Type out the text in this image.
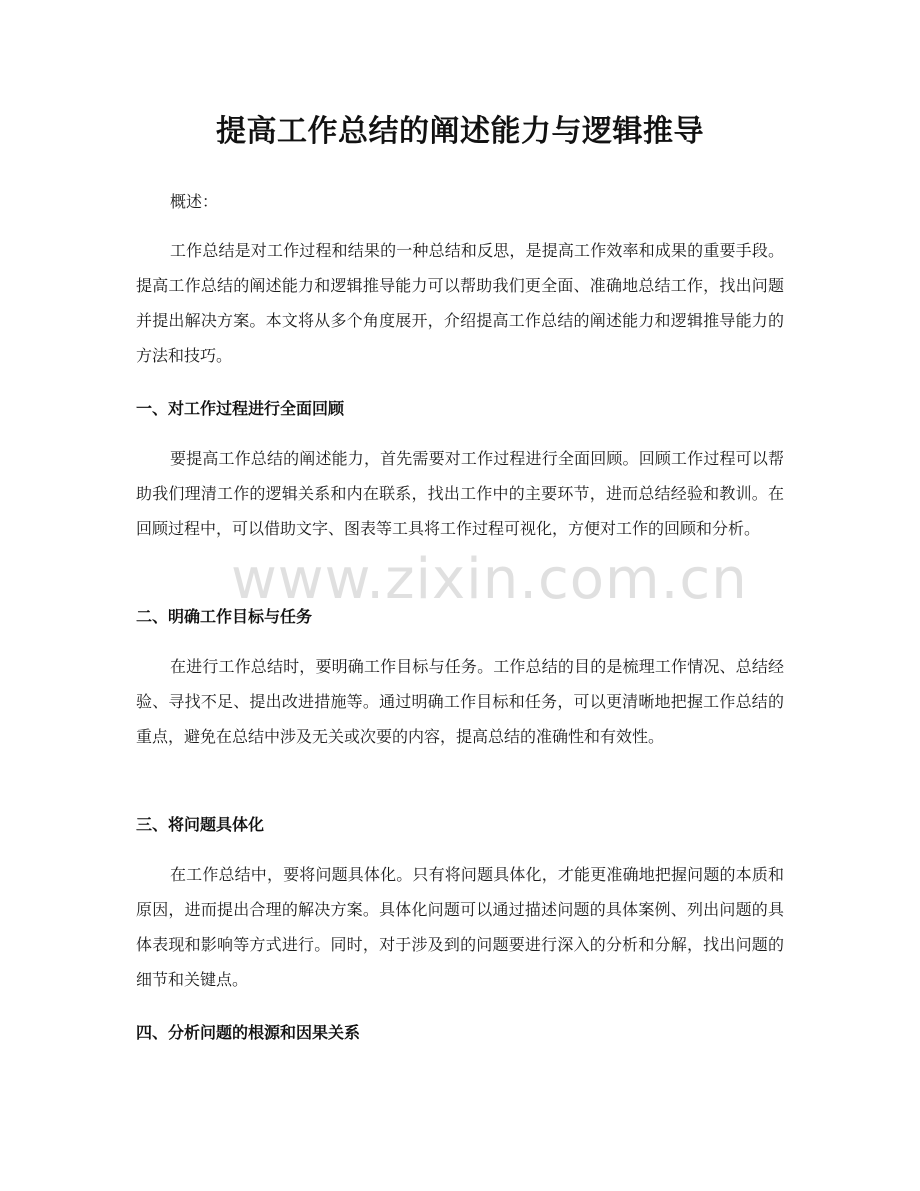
提高工作总结的阐述能力与逻辑推导
概述：
工作总结是对工作过程和结果的一种总结和反思，是提高工作效率和成果的重要手段。提高工作总结的阐述能力和逻辑推导能力可以帮助我们更全面、准确地总结工作，找出问题并提出解决方案。本文将从多个角度展开，介绍提高工作总结的阐述能力和逻辑推导能力的方法和技巧。
一、对工作过程进行全面回顾
要提高工作总结的阐述能力，首先需要对工作过程进行全面回顾。回顾工作过程可以帮助我们理清工作的逻辑关系和内在联系，找出工作中的主要环节，进而总结经验和教训。在回顾过程中，可以借助文字、图表等工具将工作过程可视化，方便对工作的回顾和分析。
二、明确工作目标与任务
在进行工作总结时，要明确工作目标与任务。工作总结的目的是梳理工作情况、总结经验、寻找不足、提出改进措施等。通过明确工作目标和任务，可以更清晰地把握工作总结的重点，避免在总结中涉及无关或次要的内容，提高总结的准确性和有效性。
三、将问题具体化
在工作总结中，要将问题具体化。只有将问题具体化，才能更准确地把握问题的本质和原因，进而提出合理的解决方案。具体化问题可以通过描述问题的具体案例、列出问题的具体表现和影响等方式进行。同时，对于涉及到的问题要进行深入的分析和分解，找出问题的细节和关键点。
四、分析问题的根源和因果关系
www.zixin.com.cn
